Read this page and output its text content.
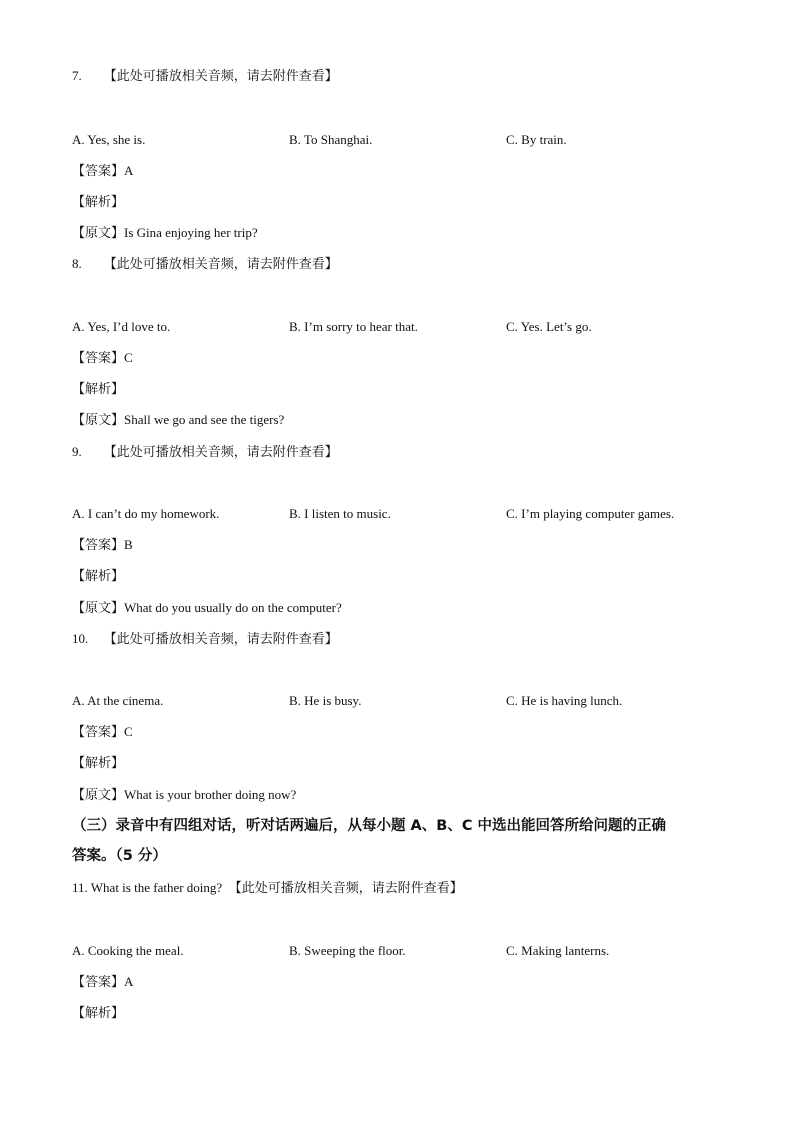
7. 【此处可播放相关音频，请去附件查看】
A. Yes, she is.	B. To Shanghai.	C. By train.
【答案】A
【解析】
【原文】Is Gina enjoying her trip?
8. 【此处可播放相关音频，请去附件查看】
A. Yes, I’d love to.	B. I’m sorry to hear that.	C. Yes. Let’s go.
【答案】C
【解析】
【原文】Shall we go and see the tigers?
9. 【此处可播放相关音频，请去附件查看】
A. I can’t do my homework.	B. I listen to music.	C. I’m playing computer games.
【答案】B
【解析】
【原文】What do you usually do on the computer?
10. 【此处可播放相关音频，请去附件查看】
A. At the cinema.	B. He is busy.	C. He is having lunch.
【答案】C
【解析】
【原文】What is your brother doing now?
（三）录音中有四组对话，听对话两遍后，从每小题 A、B、C 中选出能回答所给问题的正确
答案。（5 分）
11. What is the father doing? 【此处可播放相关音频，请去附件查看】
A. Cooking the meal.	B. Sweeping the floor.	C. Making lanterns.
【答案】A
【解析】
